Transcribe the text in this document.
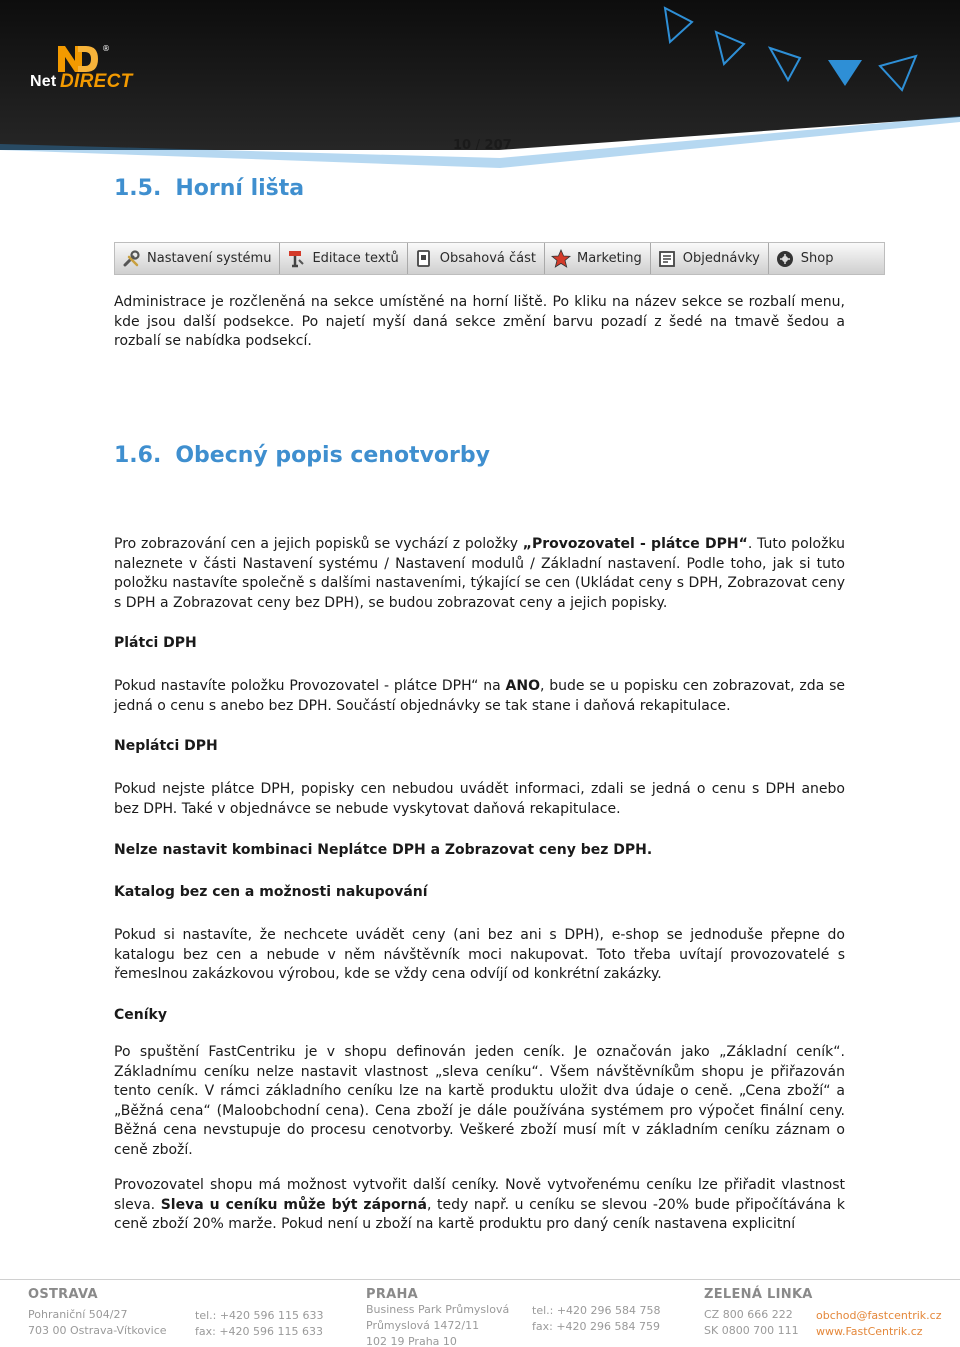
®
Net DIRECT
10 / 207
1.5. Horní lišta
Nastavení systému	Editace textů	Obsahová část	Marketing	Objednávky	Shop

Administrace je rozčleněná na sekce umístěné na horní liště. Po kliku na název sekce se rozbalí menu, kde jsou další podsekce. Po najetí myší daná sekce změní barvu pozadí z šedé na tmavě šedou a rozbalí se nabídka podsekcí.

1.6. Obecný popis cenotvorby

Pro zobrazování cen a jejich popisků se vychází z položky „Provozovatel - plátce DPH“. Tuto položku naleznete v části Nastavení systému / Nastavení modulů / Základní nastavení. Podle toho, jak si tuto položku nastavíte společně s dalšími nastaveními, týkající se cen (Ukládat ceny s DPH, Zobrazovat ceny s DPH a Zobrazovat ceny bez DPH), se budou zobrazovat ceny a jejich popisky.

Plátci DPH

Pokud nastavíte položku Provozovatel - plátce DPH“ na ANO, bude se u popisku cen zobrazovat, zda se jedná o cenu s anebo bez DPH. Součástí objednávky se tak stane i daňová rekapitulace.

Neplátci DPH

Pokud nejste plátce DPH, popisky cen nebudou uvádět informaci, zdali se jedná o cenu s DPH anebo bez DPH. Také v objednávce se nebude vyskytovat daňová rekapitulace.

Nelze nastavit kombinaci Neplátce DPH a Zobrazovat ceny bez DPH.
Katalog bez cen a možnosti nakupování

Pokud si nastavíte, že nechcete uvádět ceny (ani bez ani s DPH), e-shop se jednoduše přepne do katalogu bez cen a nebude v něm návštěvník moci nakupovat. Toto třeba uvítají provozovatelé s řemeslnou zakázkovou výrobou, kde se vždy cena odvíjí od konkrétní zakázky.

Ceníky

Po spuštění FastCentriku je v shopu definován jeden ceník. Je označován jako „Základní ceník“. Základnímu ceníku nelze nastavit vlastnost „sleva ceníku“. Všem návštěvníkům shopu je přiřazován tento ceník. V rámci základního ceníku lze na kartě produktu uložit dva údaje o ceně. „Cena zboží“ a „Běžná cena“ (Maloobchodní cena). Cena zboží je dále používána systémem pro výpočet finální ceny. Běžná cena nevstupuje do procesu cenotvorby. Veškeré zboží musí mít v základním ceníku záznam o ceně zboží.

Provozovatel shopu má možnost vytvořit další ceníky. Nově vytvořenému ceníku lze přiřadit vlastnost sleva. Sleva u ceníku může být záporná, tedy např. u ceníku se slevou -20% bude připočítávána k ceně zboží 20% marže. Pokud není u zboží na kartě produktu pro daný ceník nastavena explicitní

OSTRAVA
Pohraniční 504/27
703 00 Ostrava-Vítkovice
tel.: +420 596 115 633
fax: +420 596 115 633
PRAHA
Business Park Průmyslová
Průmyslová 1472/11
102 19 Praha 10
tel.: +420 296 584 758
fax: +420 296 584 759
ZELENÁ LINKA
CZ 800 666 222
SK 0800 700 111
obchod@fastcentrik.cz
www.FastCentrik.cz
